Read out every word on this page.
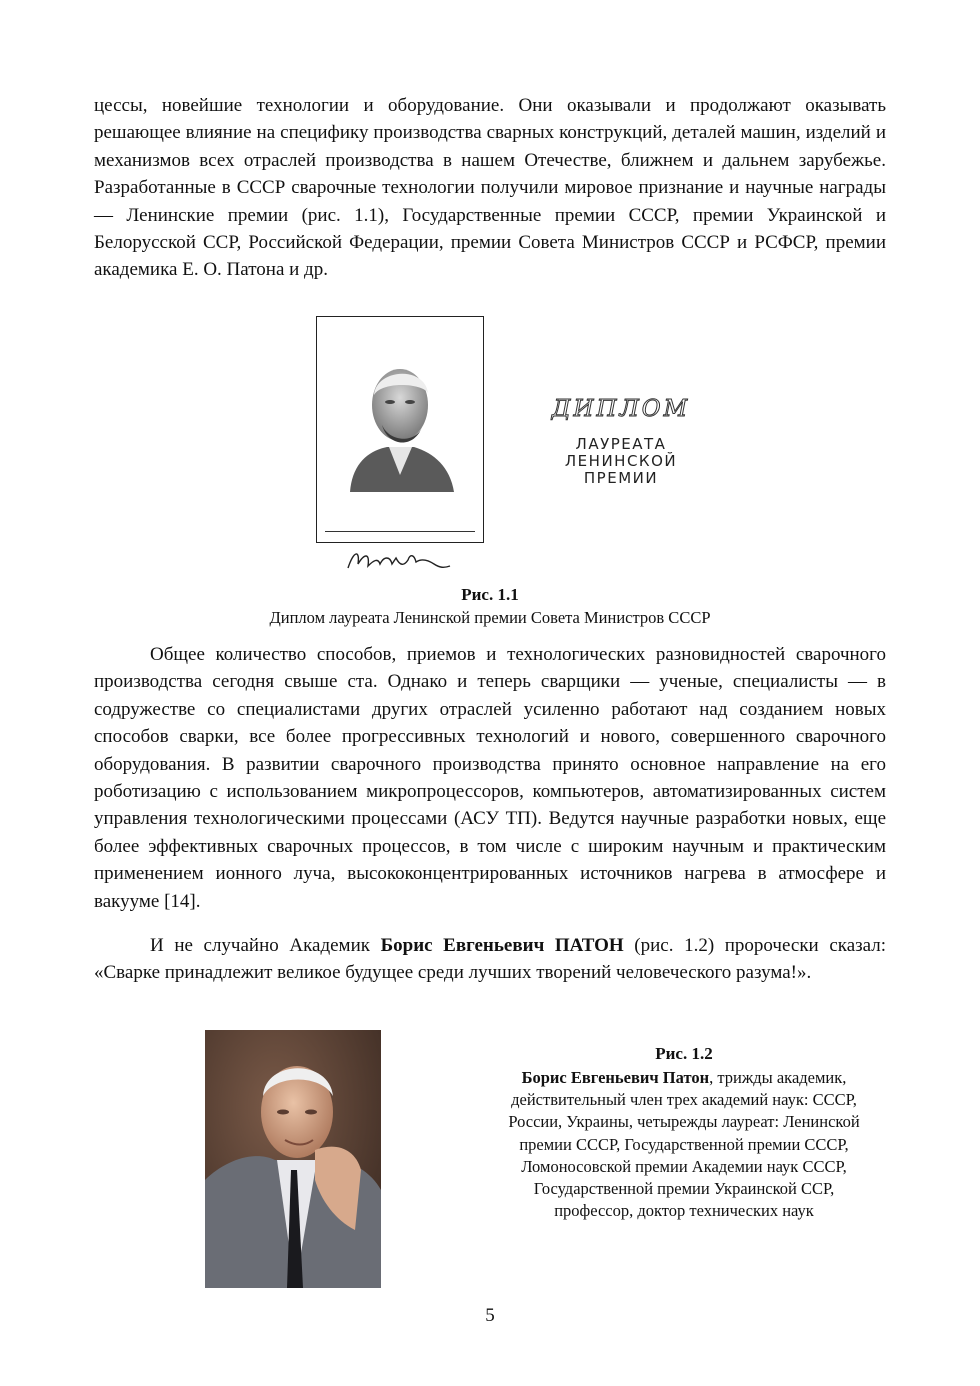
цессы, новейшие технологии и оборудование. Они оказывали и продолжают оказывать решающее влияние на специфику производства сварных конструкций, деталей машин, изделий и механизмов всех отраслей производства в нашем Отечестве, ближнем и дальнем зарубежье. Разработанные в СССР сварочные технологии получили мировое признание и научные награды — Ленинские премии (рис. 1.1), Государственные премии СССР, премии Украинской и Белорусской ССР, Российской Федерации, премии Совета Министров СССР и РСФСР, премии академика Е. О. Патона и др.

ДИПЛОМ
ЛАУРЕАТА
ЛЕНИНСКОЙ
ПРЕМИИ
Рис. 1.1
Диплом лауреата Ленинской премии Совета Министров СССР

Общее количество способов, приемов и технологических разновидностей сварочного производства сегодня свыше ста. Однако и теперь сварщики — ученые, специалисты — в содружестве со специалистами других отраслей усиленно работают над созданием новых способов сварки, все более прогрессивных технологий и нового, совершенного сварочного оборудования. В развитии сварочного производства принято основное направление на его роботизацию с использованием микропроцессоров, компьютеров, автоматизированных систем управления технологическими процессами (АСУ ТП). Ведутся научные разработки новых, еще более эффективных сварочных процессов, в том числе с широким научным и практическим применением ионного луча, высококонцентрированных источников нагрева в атмосфере и вакууме [14].

И не случайно Академик Борис Евгеньевич ПАТОН (рис. 1.2) пророчески сказал: «Сварке принадлежит великое будущее среди лучших творений человеческого разума!».

Рис. 1.2
Борис Евгеньевич Патон, трижды академик, действительный член трех академий наук: СССР, России, Украины, четырежды лауреат: Ленинской премии СССР, Государственной премии СССР, Ломоносовской премии Академии наук СССР, Государственной премии Украинской ССР, профессор, доктор технических наук
5
